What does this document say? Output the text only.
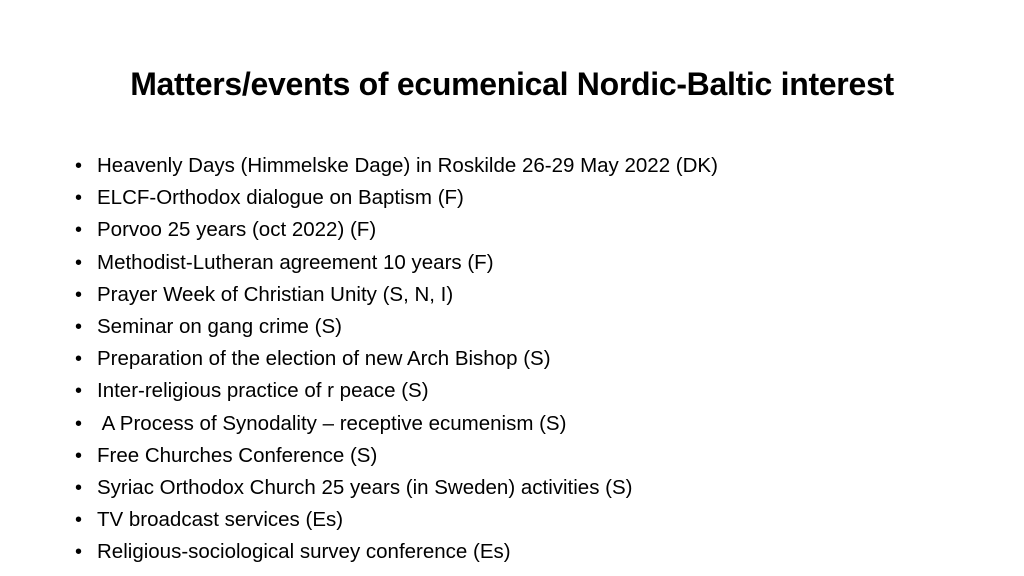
Matters/events of ecumenical Nordic-Baltic interest
• Heavenly Days (Himmelske Dage) in Roskilde 26-29 May 2022 (DK)
• ELCF-Orthodox dialogue on Baptism (F)
• Porvoo 25 years (oct 2022) (F)
• Methodist-Lutheran agreement 10 years (F)
• Prayer Week of Christian Unity (S, N, I)
• Seminar on gang crime (S)
• Preparation of the election of new Arch Bishop (S)
• Inter-religious practice of r peace (S)
• A Process of Synodality – receptive ecumenism (S)
• Free Churches Conference (S)
• Syriac Orthodox Church 25 years (in Sweden) activities (S)
• TV broadcast services (Es)
• Religious-sociological survey conference (Es)
